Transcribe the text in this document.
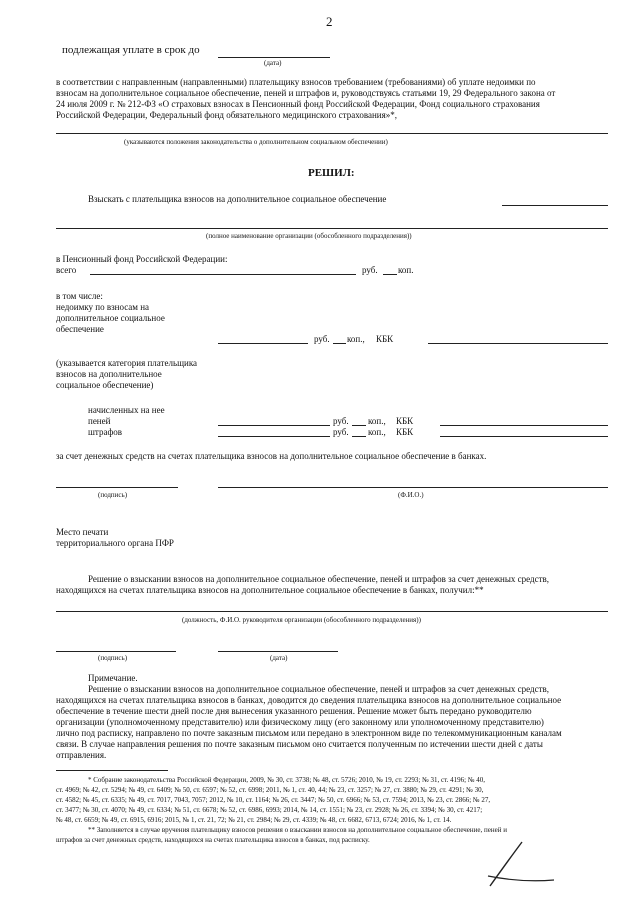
2
подлежащая уплате в срок до
(дата)
в соответствии с направленным (направленными) плательщику взносов требованием (требованиями) об уплате недоимки по
взносам на дополнительное социальное обеспечение, пеней и штрафов и, руководствуясь статьями 19, 29 Федерального закона от
24 июля 2009 г. № 212-ФЗ «О страховых взносах в Пенсионный фонд Российской Федерации, Фонд социального страхования
Российской Федерации, Федеральный фонд обязательного медицинского страхования»*,
(указываются положения законодательства о дополнительном социальном обеспечении)
РЕШИЛ:
Взыскать с плательщика взносов на дополнительное социальное обеспечение
(полное наименование организации (обособленного подразделения))
в Пенсионный фонд Российской Федерации:
всего	руб. коп.
в том числе:
недоимку по взносам на
дополнительное социальное
обеспечение
руб. коп., КБК
(указывается категория плательщика
взносов на дополнительное
социальное обеспечение)
начисленных на нее
пеней	руб. коп., КБК
штрафов	руб. коп., КБК
за счет денежных средств на счетах плательщика взносов на дополнительное социальное обеспечение в банках.
(подпись)	(Ф.И.О.)
Место печати
территориального органа ПФР
Решение о взыскании взносов на дополнительное социальное обеспечение, пеней и штрафов за счет денежных средств,
находящихся на счетах плательщика взносов на дополнительное социальное обеспечение в банках, получил:**
(должность, Ф.И.О. руководителя организации (обособленного подразделения))
(подпись)	(дата)
Примечание.
Решение о взыскании взносов на дополнительное социальное обеспечение, пеней и штрафов за счет денежных средств,
находящихся на счетах плательщика взносов в банках, доводится до сведения плательщика взносов на дополнительное социальное
обеспечение в течение шести дней после дня вынесения указанного решения. Решение может быть передано руководителю
организации (уполномоченному представителю) или физическому лицу (его законному или уполномоченному представителю)
лично под расписку, направлено по почте заказным письмом или передано в электронном виде по телекоммуникационным каналам
связи. В случае направления решения по почте заказным письмом оно считается полученным по истечении шести дней с даты
отправления.
* Собрание законодательства Российской Федерации, 2009, № 30, ст. 3738; № 48, ст. 5726; 2010, № 19, ст. 2293; № 31, ст. 4196; № 40,
ст. 4969; № 42, ст. 5294; № 49, ст. 6409; № 50, ст. 6597; № 52, ст. 6998; 2011, № 1, ст. 40, 44; № 23, ст. 3257; № 27, ст. 3880; № 29, ст. 4291; № 30,
ст. 4582; № 45, ст. 6335; № 49, ст. 7017, 7043, 7057; 2012, № 10, ст. 1164; № 26, ст. 3447; № 50, ст. 6966; № 53, ст. 7594; 2013, № 23, ст. 2866; № 27,
ст. 3477; № 30, ст. 4070; № 49, ст. 6334; № 51, ст. 6678; № 52, ст. 6986, 6993; 2014, № 14, ст. 1551; № 23, ст. 2928; № 26, ст. 3394; № 30, ст. 4217;
№ 48, ст. 6659; № 49, ст. 6915, 6916; 2015, № 1, ст. 21, 72; № 21, ст. 2984; № 29, ст. 4339; № 48, ст. 6682, 6713, 6724; 2016, № 1, ст. 14.
** Заполняется в случае вручения плательщику взносов решения о взыскании взносов на дополнительное социальное обеспечение, пеней и
штрафов за счет денежных средств, находящихся на счетах плательщика взносов в банках, под расписку.
